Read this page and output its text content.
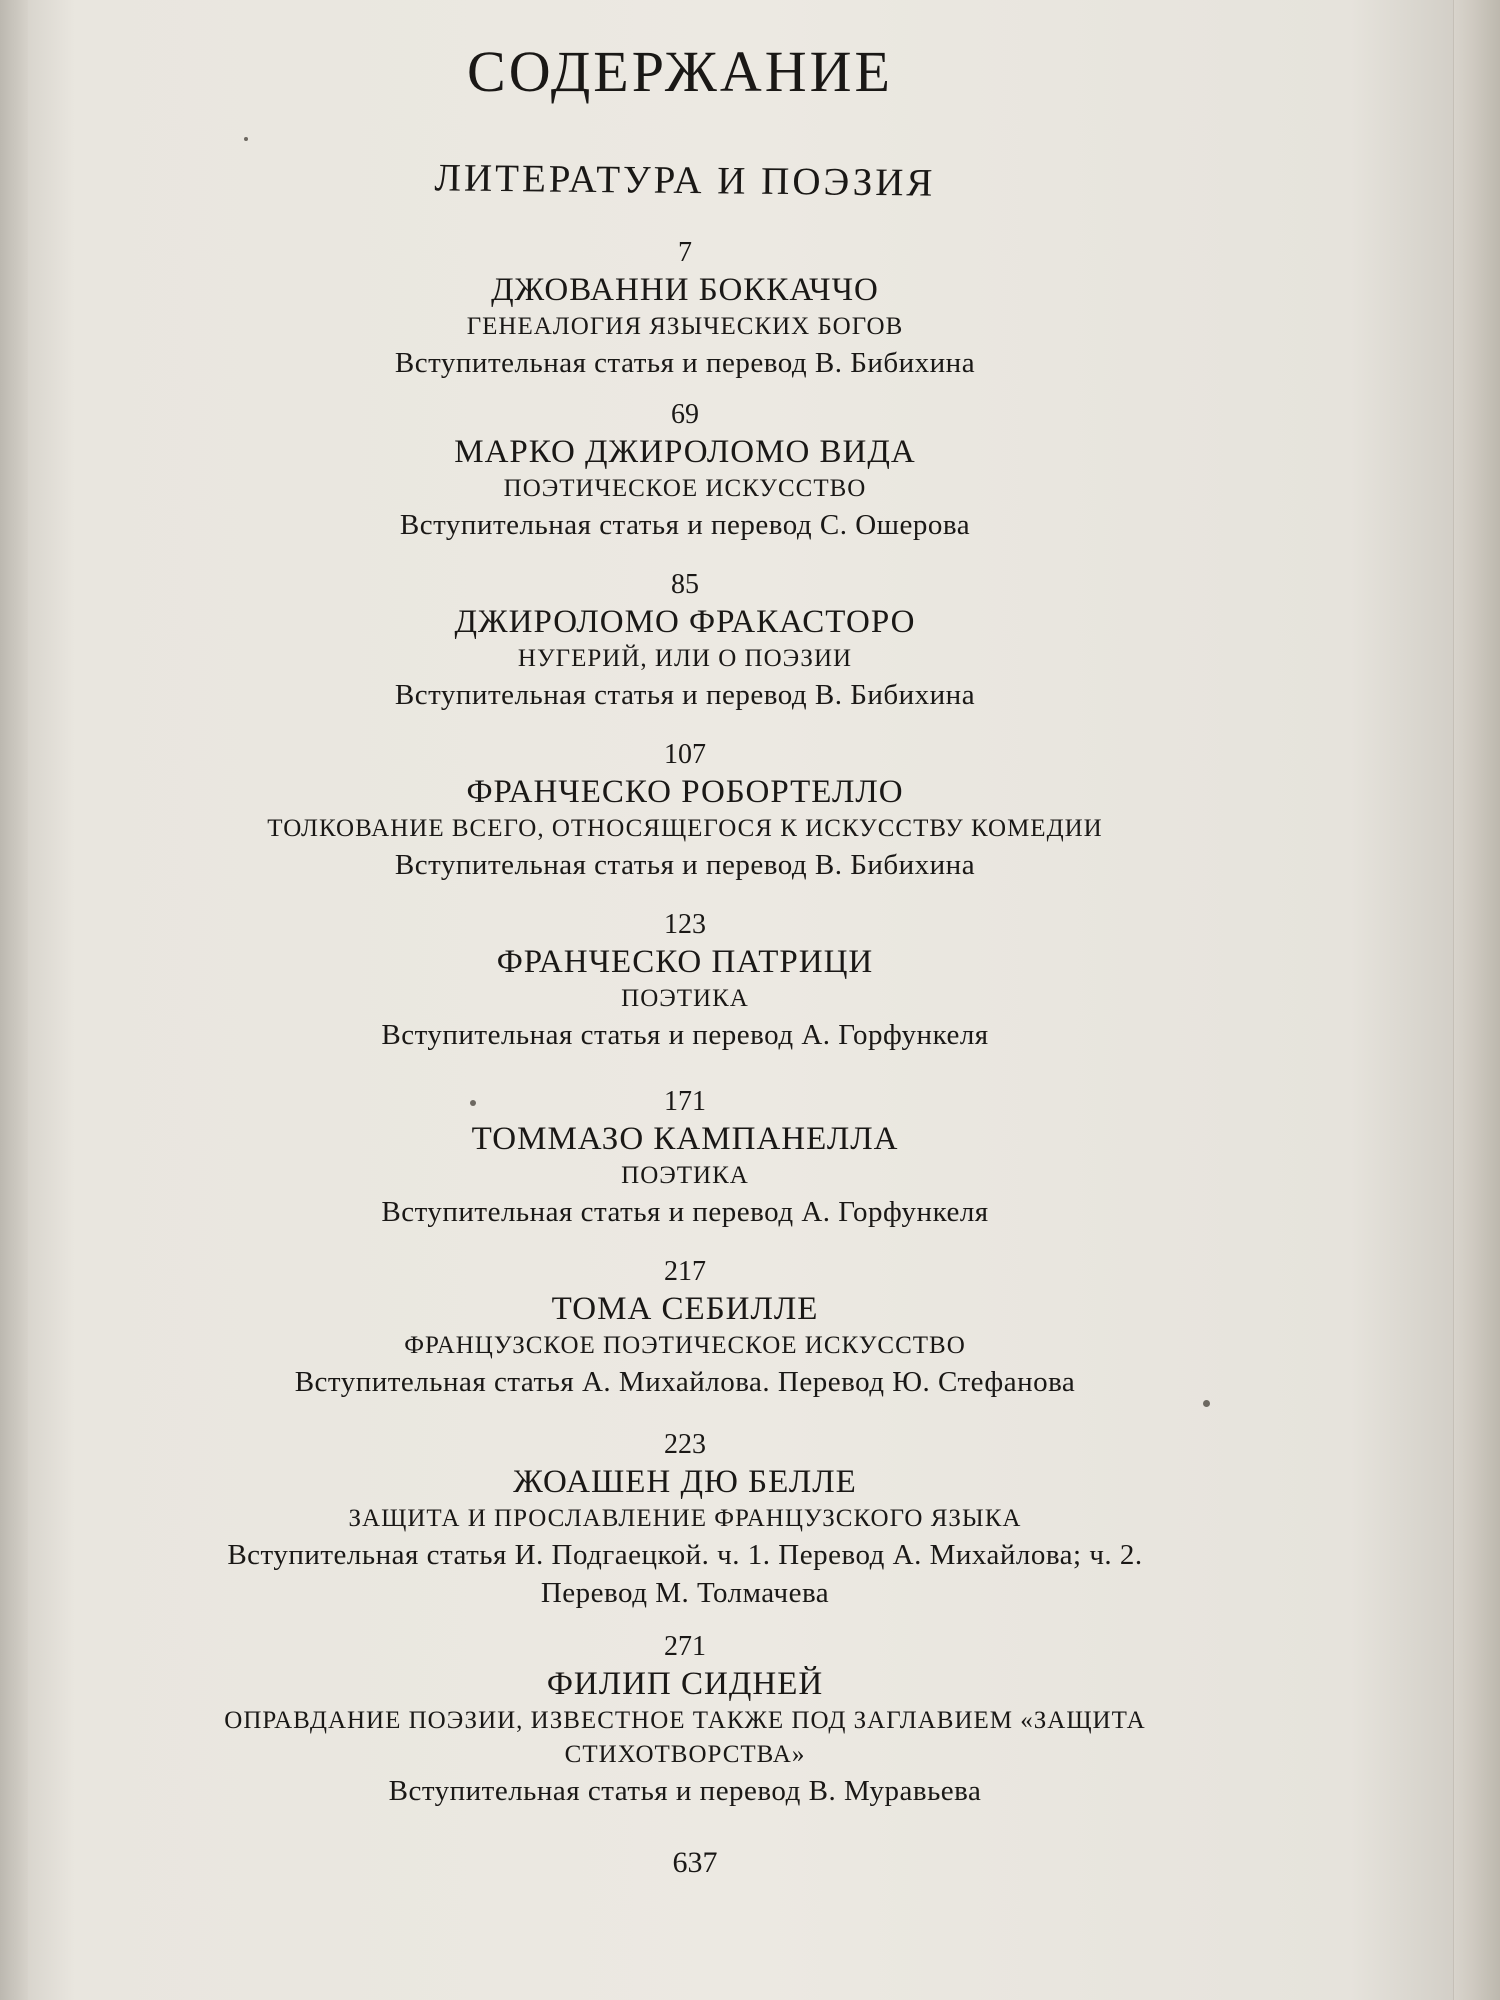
СОДЕРЖАНИЕ
ЛИТЕРАТУРА И ПОЭЗИЯ
7
ДЖОВАННИ БОККАЧЧО
ГЕНЕАЛОГИЯ ЯЗЫЧЕСКИХ БОГОВ
Вступительная статья и перевод В. Бибихина
69
МАРКО ДЖИРОЛОМО ВИДА
ПОЭТИЧЕСКОЕ ИСКУССТВО
Вступительная статья и перевод С. Ошерова
85
ДЖИРОЛОМО ФРАКАСТОРО
НУГЕРИЙ, ИЛИ О ПОЭЗИИ
Вступительная статья и перевод В. Бибихина
107
ФРАНЧЕСКО РОБОРТЕЛЛО
ТОЛКОВАНИЕ ВСЕГО, ОТНОСЯЩЕГОСЯ К ИСКУССТВУ КОМЕДИИ
Вступительная статья и перевод В. Бибихина
123
ФРАНЧЕСКО ПАТРИЦИ
ПОЭТИКА
Вступительная статья и перевод А. Горфункеля
171
ТОММАЗО КАМПАНЕЛЛА
ПОЭТИКА
Вступительная статья и перевод А. Горфункеля
217
ТОМА СЕБИЛЛЕ
ФРАНЦУЗСКОЕ ПОЭТИЧЕСКОЕ ИСКУССТВО
Вступительная статья А. Михайлова. Перевод Ю. Стефанова
223
ЖОАШЕН ДЮ БЕЛЛЕ
ЗАЩИТА И ПРОСЛАВЛЕНИЕ ФРАНЦУЗСКОГО ЯЗЫКА
Вступительная статья И. Подгаецкой. ч. 1. Перевод А. Михайлова; ч. 2.
Перевод М. Толмачева
271
ФИЛИП СИДНЕЙ
ОПРАВДАНИЕ ПОЭЗИИ, ИЗВЕСТНОЕ ТАКЖЕ ПОД ЗАГЛАВИЕМ «ЗАЩИТА
СТИХОТВОРСТВА»
Вступительная статья и перевод В. Муравьева
637
